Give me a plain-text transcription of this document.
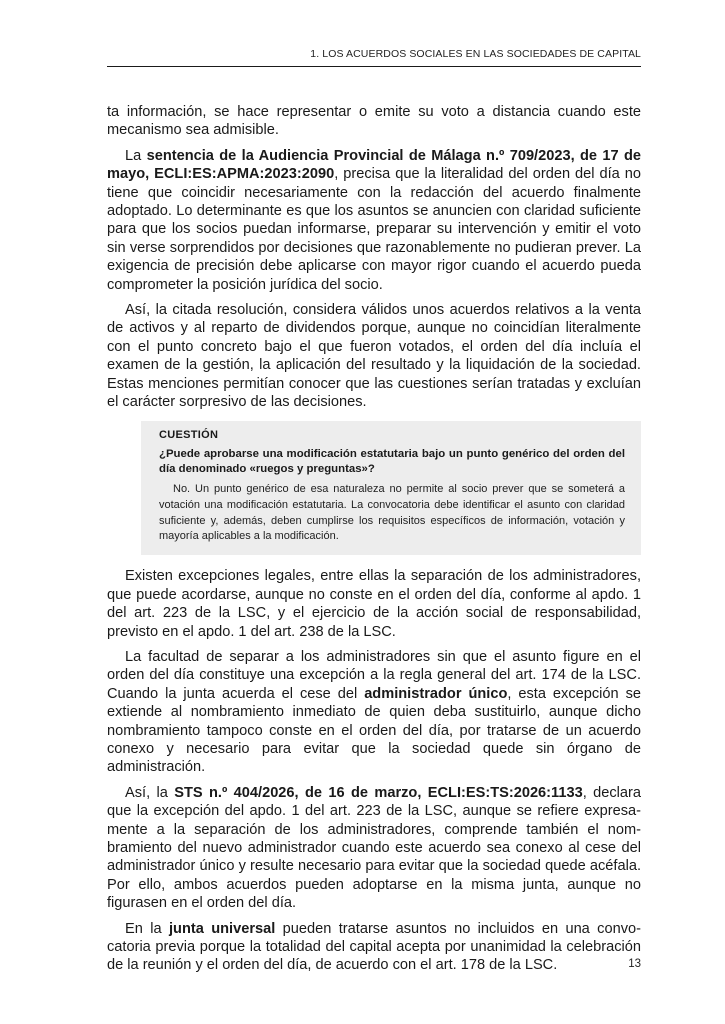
1. LOS ACUERDOS SOCIALES EN LAS SOCIEDADES DE CAPITAL

ta información, se hace representar o emite su voto a distancia cuando este mecanismo sea admisible.

La sentencia de la Audiencia Provincial de Málaga n.º 709/2023, de 17 de mayo, ECLI:ES:APMA:2023:2090, precisa que la literalidad del orden del día no tiene que coincidir necesariamente con la redacción del acuerdo finalmente adoptado. Lo determinante es que los asuntos se anuncien con claridad suficiente para que los socios puedan informarse, preparar su intervención y emitir el voto sin verse sorprendidos por decisiones que razonablemente no pudieran prever. La exigencia de precisión debe aplicarse con mayor rigor cuando el acuerdo pueda comprometer la posición jurídica del socio.

Así, la citada resolución, considera válidos unos acuerdos relativos a la venta de activos y al reparto de dividendos porque, aunque no coincidían literalmente con el punto concreto bajo el que fueron votados, el orden del día incluía el examen de la gestión, la aplicación del resultado y la liquidación de la sociedad. Estas menciones permitían conocer que las cuestiones serían tratadas y excluían el carácter sorpresivo de las decisiones.

CUESTIÓN

¿Puede aprobarse una modificación estatutaria bajo un punto genérico del orden del día denominado «ruegos y preguntas»?

No. Un punto genérico de esa naturaleza no permite al socio prever que se someterá a votación una modificación estatutaria. La convocatoria debe identificar el asunto con claridad suficiente y, además, deben cumplirse los requisitos específicos de información, votación y mayoría aplicables a la modificación.

Existen excepciones legales, entre ellas la separación de los administradores, que puede acordarse, aunque no conste en el orden del día, conforme al apdo. 1 del art. 223 de la LSC, y el ejercicio de la acción social de responsabilidad, previsto en el apdo. 1 del art. 238 de la LSC.

La facultad de separar a los administradores sin que el asunto figure en el orden del día constituye una excepción a la regla general del art. 174 de la LSC. Cuando la junta acuerda el cese del administrador único, esta excepción se extiende al nombramiento inmediato de quien deba sustituirlo, aunque dicho nombramiento tampoco conste en el orden del día, por tratarse de un acuerdo conexo y necesario para evitar que la sociedad quede sin órgano de administración.

Así, la STS n.º 404/2026, de 16 de marzo, ECLI:ES:TS:2026:1133, declara que la excepción del apdo. 1 del art. 223 de la LSC, aunque se refiere expresamente a la separación de los administradores, comprende también el nombramiento del nuevo administrador cuando este acuerdo sea conexo al cese del administrador único y resulte necesario para evitar que la sociedad quede acéfala. Por ello, ambos acuerdos pueden adoptarse en la misma junta, aunque no figurasen en el orden del día.

En la junta universal pueden tratarse asuntos no incluidos en una convocatoria previa porque la totalidad del capital acepta por unanimidad la celebración de la reunión y el orden del día, de acuerdo con el art. 178 de la LSC.	13
